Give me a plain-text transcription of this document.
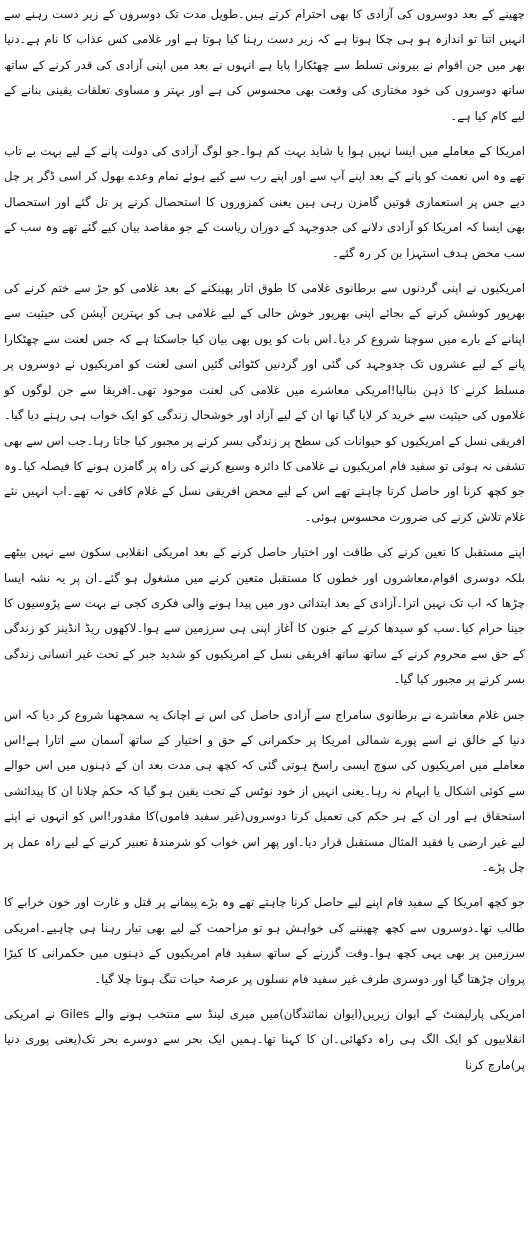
چھینے کے بعد دوسروں کی آزادی کا بھی احترام کرتے ہیں۔طویل مدت تک دوسروں کے زیر دست رہنے سے انہیں اتنا تو اندازہ ہو ہی چکا ہوتا ہے کہ زیر دست رہنا کیا ہوتا ہے اور غلامی کس عذاب کا نام ہے۔دنیا بھر میں جن اقوام نے بیرونی تسلط سے چھٹکارا پایا ہے انہوں نے بعد میں اپنی آزادی کی قدر کرنے کے ساتھ ساتھ دوسروں کی خود مختاری کی وقعت بھی محسوس کی ہے اور بہتر و مساوی تعلقات یقینی بنانے کے لیے کام کیا ہے۔

امریکا کے معاملے میں ایسا نہیں ہوا یا شاید بہت کم ہوا۔جو لوگ آزادی کی دولت پانے کے لیے بہت بے تاب تھے وہ اس نعمت کو پانے کے بعد اپنے آپ سے اور اپنے رب سے کیے ہوئے تمام وعدے بھول کر اسی ڈگر پر چل دیے جس پر استعماری قوتیں گامزن رہی ہیں یعنی کمزوروں کا استحصال کرنے پر تل گئے اور استحصال بھی ایسا کہ امریکا کو آزادی دلانے کی جدوجہد کے دوران ریاست کے جو مقاصد بیان کیے گئے تھے وہ سب کے سب محض ہدف استہزا بن کر رہ گئے۔

امریکیوں نے اپنی گردنوں سے برطانوی غلامی کا طوق اتار پھینکنے کے بعد غلامی کو جڑ سے ختم کرنے کی بھرپور کوشش کرنے کے بجائے اپنی بھرپور خوش حالی کے لیے غلامی ہی کو بہترین آپشن کی حیثیت سے اپنانے کے بارے میں سوچنا شروع کر دیا۔اس بات کو یوں بھی بیان کیا جاسکتا ہے کہ جس لعنت سے چھٹکارا پانے کے لیے عشروں تک جدوجہد کی گئی اور گردنیں کٹوائی گئیں اسی لعنت کو امریکیوں نے دوسروں پر مسلط کرنے کا ذہن بنالیا!امریکی معاشرے میں غلامی کی لعنت موجود تھی۔افریقا سے جن لوگوں کو غلاموں کی حیثیت سے خرید کر لایا گیا تھا ان کے لیے آزاد اور خوشحال زندگی کو ایک خواب ہی رہنے دیا گیا۔افریقی نسل کے امریکیوں کو حیوانات کی سطح پر زندگی بسر کرنے پر مجبور کیا جاتا رہا۔جب اس سے بھی تشفی نہ ہوئی تو سفید فام امریکیوں نے غلامی کا دائرہ وسیع کرنے کی راہ پر گامزن ہونے کا فیصلہ کیا۔وہ جو کچھ کرنا اور حاصل کرنا چاہتے تھے اس کے لیے محض افریقی نسل کے غلام کافی نہ تھے۔اب انہیں نئے غلام تلاش کرنے کی ضرورت محسوس ہوئی۔

اپنے مستقبل کا تعین کرنے کی طاقت اور اختیار حاصل کرنے کے بعد امریکی انقلابی سکون سے نہیں بیٹھے بلکہ دوسری اقوام،معاشروں اور خطوں کا مستقبل متعین کرنے میں مشغول ہو گئے۔ان پر یہ نشہ ایسا چڑھا کہ اب تک نہیں اترا۔آزادی کے بعد ابتدائی دور میں پیدا ہونے والی فکری کجی نے بہت سے پڑوسیوں کا جینا حرام کیا۔سب کو سیدھا کرنے کے جنون کا آغاز اپنی ہی سرزمین سے ہوا۔لاکھوں ریڈ انڈینز کو زندگی کے حق سے محروم کرنے کے ساتھ ساتھ افریقی نسل کے امریکیوں کو شدید جبر کے تحت غیر انسانی زندگی بسر کرنے پر مجبور کیا گیا۔

جس غلام معاشرے نے برطانوی سامراج سے آزادی حاصل کی اس نے اچانک یہ سمجھنا شروع کر دیا کہ اس دنیا کے خالق نے اسے پورے شمالی امریکا پر حکمرانی کے حق و اختیار کے ساتھ آسمان سے اتارا ہے!اس معاملے میں امریکیوں کی سوچ ایسی راسخ ہوتی گئی کہ کچھ ہی مدت بعد ان کے ذہنوں میں اس حوالے سے کوئی اشکال یا ابہام نہ رہا۔یعنی انہیں از خود نوٹس کے تحت یقین ہو گیا کہ حکم چلانا ان کا پیدائشی استحقاق ہے اور ان کے ہر حکم کی تعمیل کرنا دوسروں(غیر سفید فاموں)کا مقدور!اس کو انہوں نے اپنے لیے غیر ارضی یا فقید المثال مستقبل قرار دیا۔اور پھر اس خواب کو شرمندۂ تعبیر کرنے کے لیے راہ عمل پر چل پڑے۔

جو کچھ امریکا کے سفید فام اپنے لیے حاصل کرنا چاہتے تھے وہ بڑے پیمانے پر قتل و غارت اور خون خرابے کا طالب تھا۔دوسروں سے کچھ چھیننے کی خواہش ہو تو مزاحمت کے لیے بھی تیار رہنا ہی چاہیے۔امریکی سرزمین پر بھی یہی کچھ ہوا۔وقت گزرنے کے ساتھ سفید فام امریکیوں کے ذہنوں میں حکمرانی کا کیڑا پروان چڑھتا گیا اور دوسری طرف غیر سفید فام نسلوں پر عرصۂ حیات تنگ ہوتا چلا گیا۔

امریکی پارلیمنٹ کے ایوان زیریں(ایوان نمائندگان)میں میری لینڈ سے منتخب ہونے والے Giles نے امریکی انقلابیوں کو ایک الگ ہی راہ دکھائی۔ان کا کہنا تھا۔ہمیں ایک بحر سے دوسرے بحر تک(یعنی پوری دنیا پر)مارچ کرنا
